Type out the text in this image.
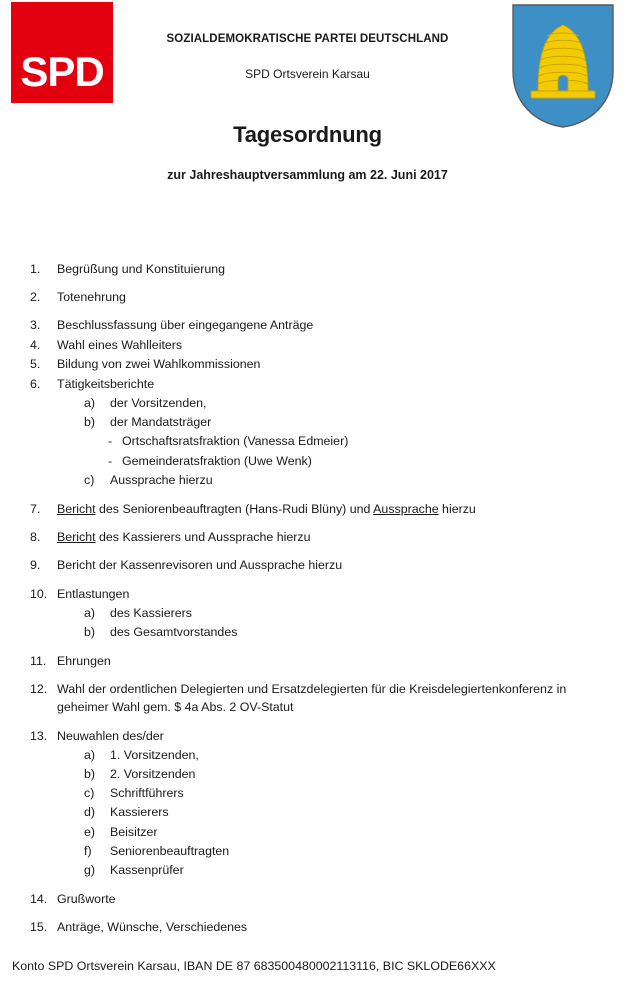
SPD
SOZIALDEMOKRATISCHE PARTEI DEUTSCHLAND
SPD Ortsverein Karsau
Tagesordnung
zur Jahreshauptversammlung am 22. Juni 2017
1.	Begrüßung und Konstituierung
2.	Totenehrung
3.	Beschlussfassung über eingegangene Anträge
4.	Wahl eines Wahlleiters
5.	Bildung von zwei Wahlkommissionen
6.	Tätigkeitsberichte
a)	der Vorsitzenden,
b)	der Mandatsträger
- Ortschaftsratsfraktion (Vanessa Edmeier)
- Gemeinderatsfraktion (Uwe Wenk)
c)	Aussprache hierzu
7.	Bericht des Seniorenbeauftragten (Hans-Rudi Blüny) und Aussprache hierzu
8.	Bericht des Kassierers und Aussprache hierzu
9.	Bericht der Kassenrevisoren und Aussprache hierzu
10. Entlastungen
a)	des Kassierers
b)	des Gesamtvorstandes
11. Ehrungen
12. Wahl der ordentlichen Delegierten und Ersatzdelegierten für die Kreisdelegiertenkonferenz in geheimer Wahl gem. $ 4a Abs. 2 OV-Statut
13. Neuwahlen des/der
a)	1. Vorsitzenden,
b)	2. Vorsitzenden
c)	Schriftführers
d)	Kassierers
e)	Beisitzer
f)	Seniorenbeauftragten
g)	Kassenprüfer
14. Grußworte
15. Anträge, Wünsche, Verschiedenes
Konto SPD Ortsverein Karsau, IBAN DE 87 683500480002113116, BIC SKLODE66XXX
